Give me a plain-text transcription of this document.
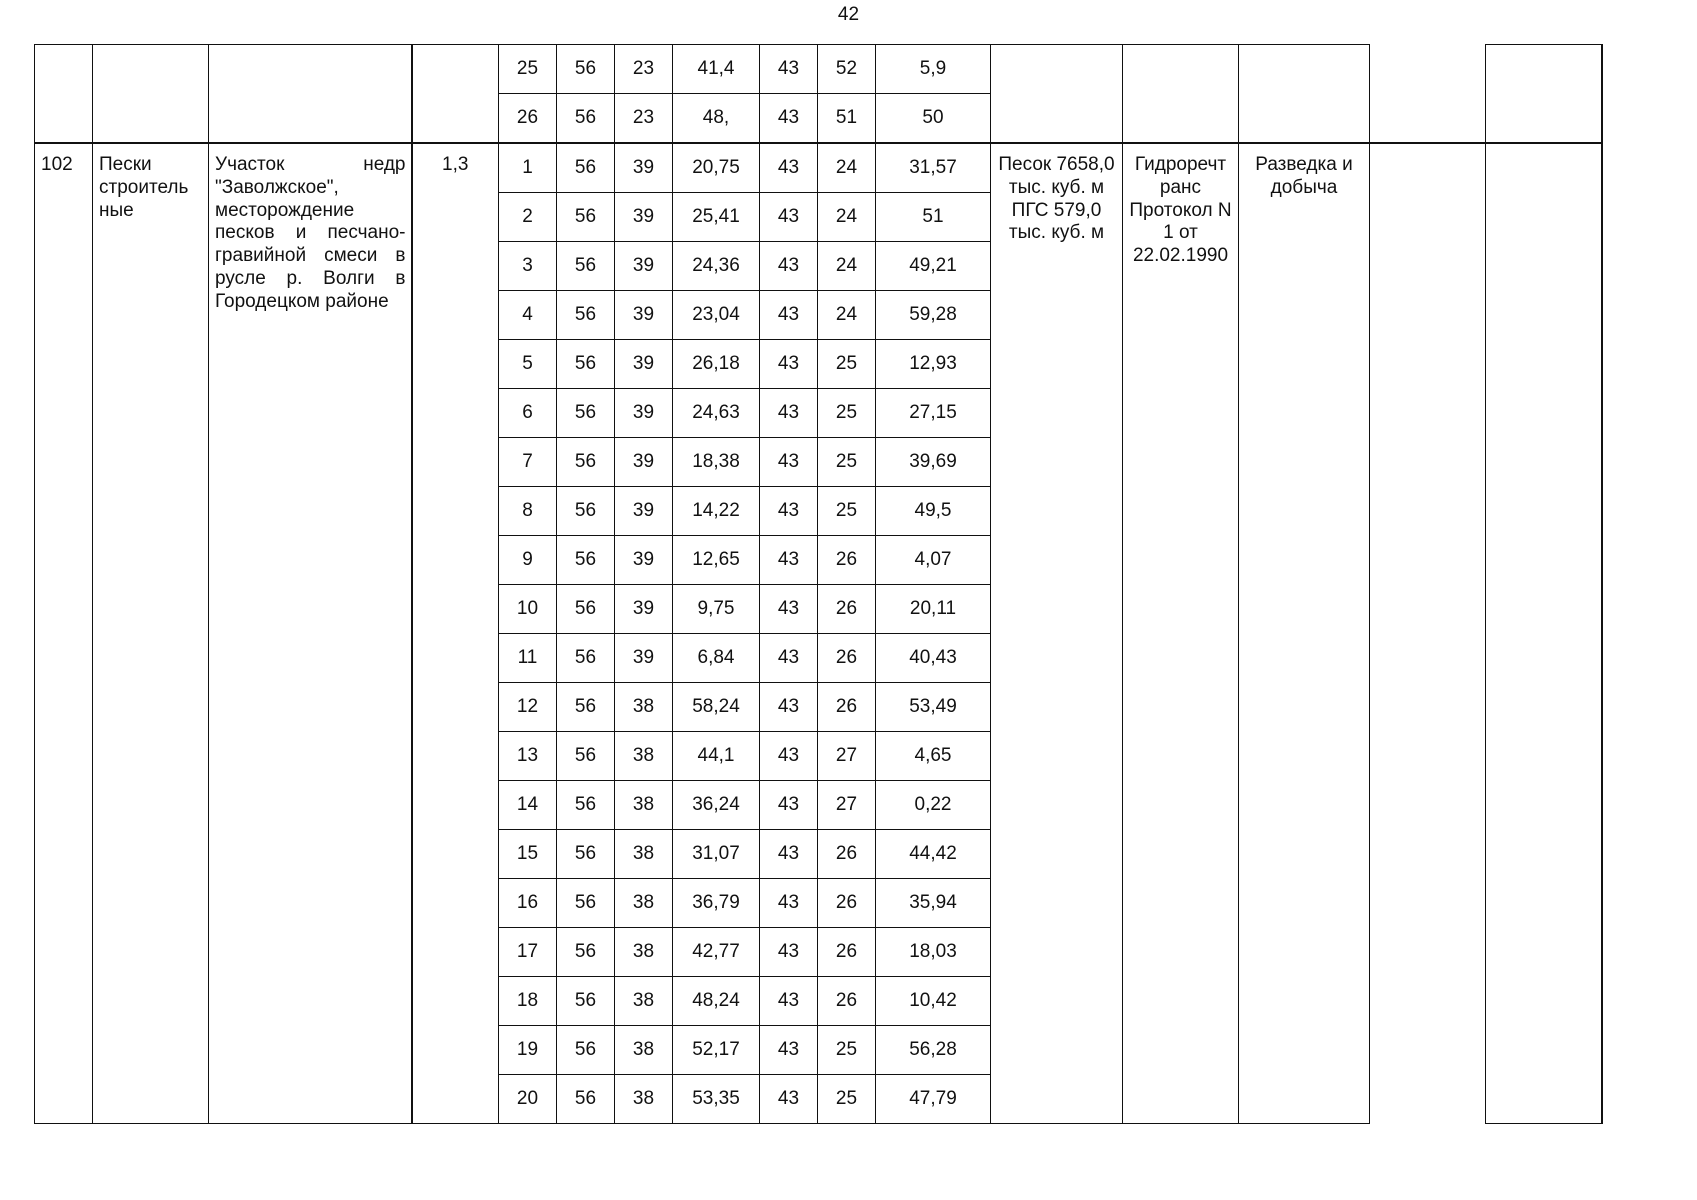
42
				25	56	23	41,4	43	52	5,9					
				26	56	23	48,	43	51	50					
102	Пески строитель ные	Участок недр "Заволжское", месторождение песков и песчано-гравийной смеси в русле р. Волги в Городецком районе	1,3	1	56	39	20,75	43	24	31,57	Песок 7658,0 тыс. куб. м ПГС 579,0 тыс. куб. м	Гидроречт ранс Протокол N 1 от 22.02.1990	Разведка и добыча		
				2	56	39	25,41	43	24	51					
				3	56	39	24,36	43	24	49,21					
				4	56	39	23,04	43	24	59,28					
				5	56	39	26,18	43	25	12,93					
				6	56	39	24,63	43	25	27,15					
				7	56	39	18,38	43	25	39,69					
				8	56	39	14,22	43	25	49,5					
				9	56	39	12,65	43	26	4,07					
				10	56	39	9,75	43	26	20,11					
				11	56	39	6,84	43	26	40,43					
				12	56	38	58,24	43	26	53,49					
				13	56	38	44,1	43	27	4,65					
				14	56	38	36,24	43	27	0,22					
				15	56	38	31,07	43	26	44,42					
				16	56	38	36,79	43	26	35,94					
				17	56	38	42,77	43	26	18,03					
				18	56	38	48,24	43	26	10,42					
				19	56	38	52,17	43	25	56,28					
				20	56	38	53,35	43	25	47,79					
